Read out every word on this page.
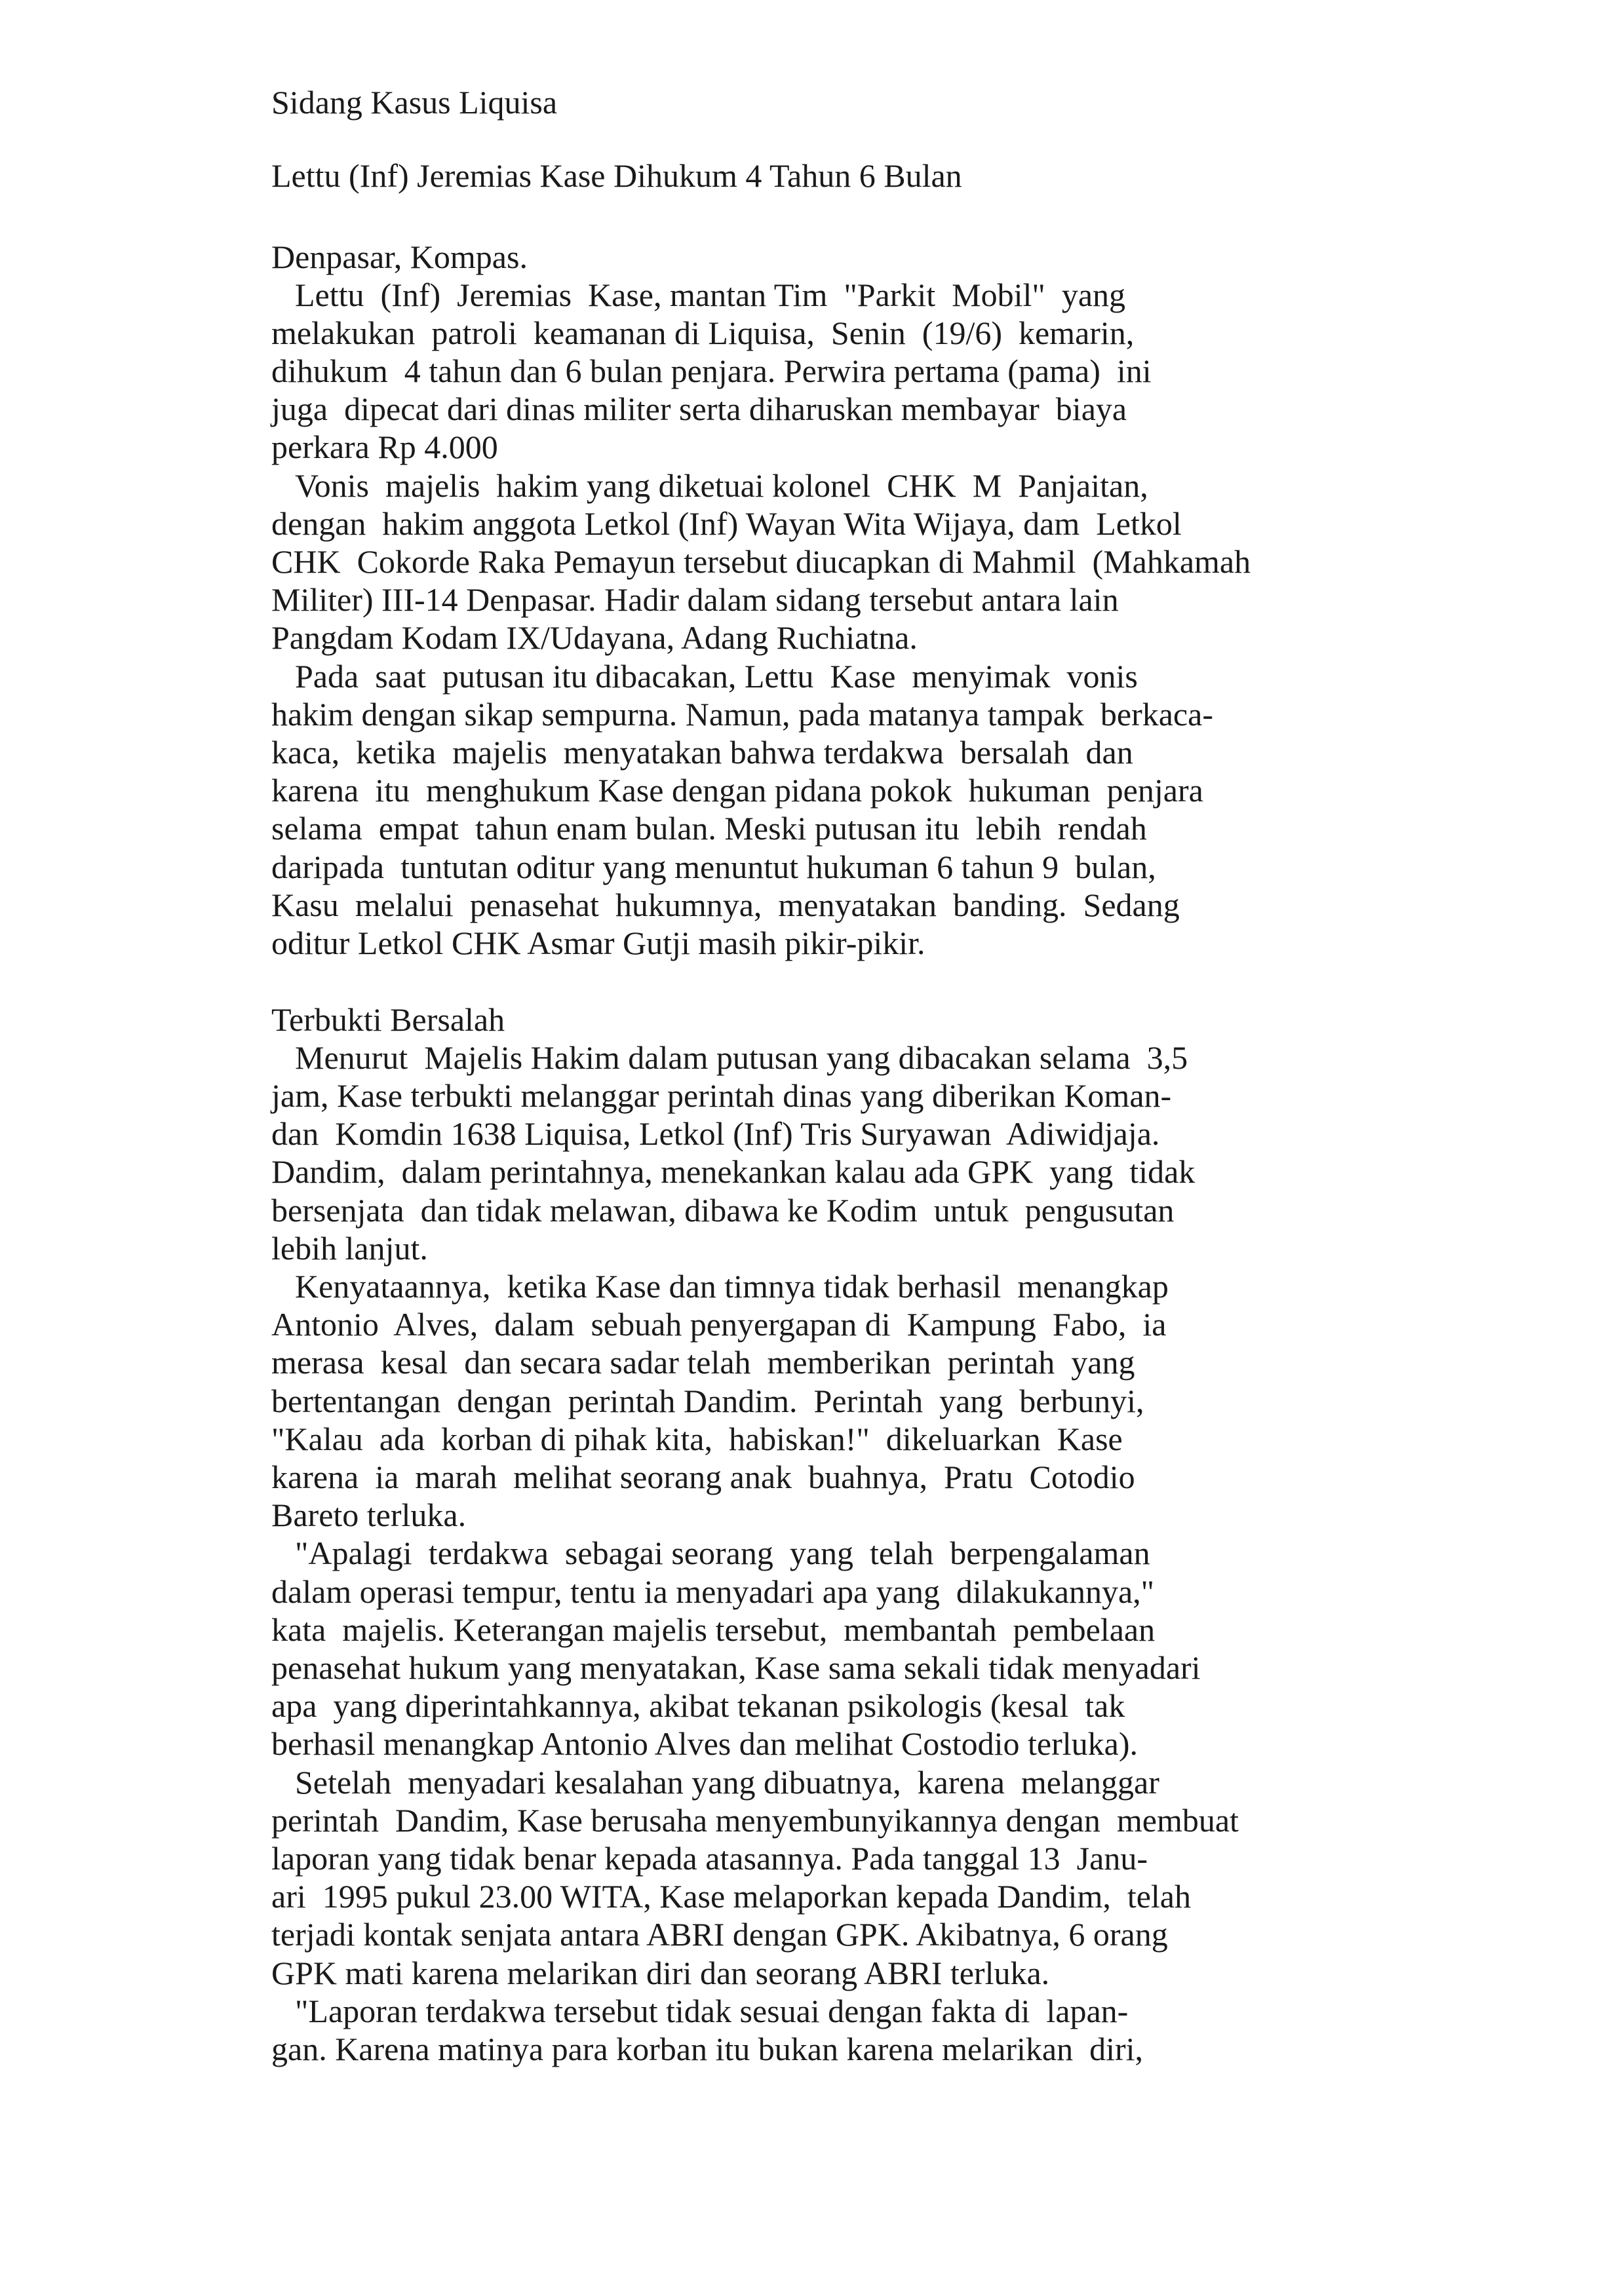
Sidang Kasus Liquisa
Lettu (Inf) Jeremias Kase Dihukum 4 Tahun 6 Bulan
Denpasar, Kompas.
Lettu  (Inf)  Jeremias  Kase, mantan Tim  "Parkit  Mobil"  yang
melakukan  patroli  keamanan di Liquisa,  Senin  (19/6)  kemarin,
dihukum  4 tahun dan 6 bulan penjara. Perwira pertama (pama)  ini
juga  dipecat dari dinas militer serta diharuskan membayar  biaya
perkara Rp 4.000
Vonis  majelis  hakim yang diketuai kolonel  CHK  M  Panjaitan,
dengan  hakim anggota Letkol (Inf) Wayan Wita Wijaya, dam  Letkol
CHK  Cokorde Raka Pemayun tersebut diucapkan di Mahmil  (Mahkamah
Militer) III-14 Denpasar. Hadir dalam sidang tersebut antara lain
Pangdam Kodam IX/Udayana, Adang Ruchiatna.
Pada  saat  putusan itu dibacakan, Lettu  Kase  menyimak  vonis
hakim dengan sikap sempurna. Namun, pada matanya tampak  berkaca-
kaca,  ketika  majelis  menyatakan bahwa terdakwa  bersalah  dan
karena  itu  menghukum Kase dengan pidana pokok  hukuman  penjara
selama  empat  tahun enam bulan. Meski putusan itu  lebih  rendah
daripada  tuntutan oditur yang menuntut hukuman 6 tahun 9  bulan,
Kasu  melalui  penasehat  hukumnya,  menyatakan  banding.  Sedang
oditur Letkol CHK Asmar Gutji masih pikir-pikir.
Terbukti Bersalah
Menurut  Majelis Hakim dalam putusan yang dibacakan selama  3,5
jam, Kase terbukti melanggar perintah dinas yang diberikan Koman-
dan  Komdin 1638 Liquisa, Letkol (Inf) Tris Suryawan  Adiwidjaja.
Dandim,  dalam perintahnya, menekankan kalau ada GPK  yang  tidak
bersenjata  dan tidak melawan, dibawa ke Kodim  untuk  pengusutan
lebih lanjut.
Kenyataannya,  ketika Kase dan timnya tidak berhasil  menangkap
Antonio  Alves,  dalam  sebuah penyergapan di  Kampung  Fabo,  ia
merasa  kesal  dan secara sadar telah  memberikan  perintah  yang
bertentangan  dengan  perintah Dandim.  Perintah  yang  berbunyi,
"Kalau  ada  korban di pihak kita,  habiskan!"  dikeluarkan  Kase
karena  ia  marah  melihat seorang anak  buahnya,  Pratu  Cotodio
Bareto terluka.
"Apalagi  terdakwa  sebagai seorang  yang  telah  berpengalaman
dalam operasi tempur, tentu ia menyadari apa yang  dilakukannya,"
kata  majelis. Keterangan majelis tersebut,  membantah  pembelaan
penasehat hukum yang menyatakan, Kase sama sekali tidak menyadari
apa  yang diperintahkannya, akibat tekanan psikologis (kesal  tak
berhasil menangkap Antonio Alves dan melihat Costodio terluka).
Setelah  menyadari kesalahan yang dibuatnya,  karena  melanggar
perintah  Dandim, Kase berusaha menyembunyikannya dengan  membuat
laporan yang tidak benar kepada atasannya. Pada tanggal 13  Janu-
ari  1995 pukul 23.00 WITA, Kase melaporkan kepada Dandim,  telah
terjadi kontak senjata antara ABRI dengan GPK. Akibatnya, 6 orang
GPK mati karena melarikan diri dan seorang ABRI terluka.
"Laporan terdakwa tersebut tidak sesuai dengan fakta di  lapan-
gan. Karena matinya para korban itu bukan karena melarikan  diri,
